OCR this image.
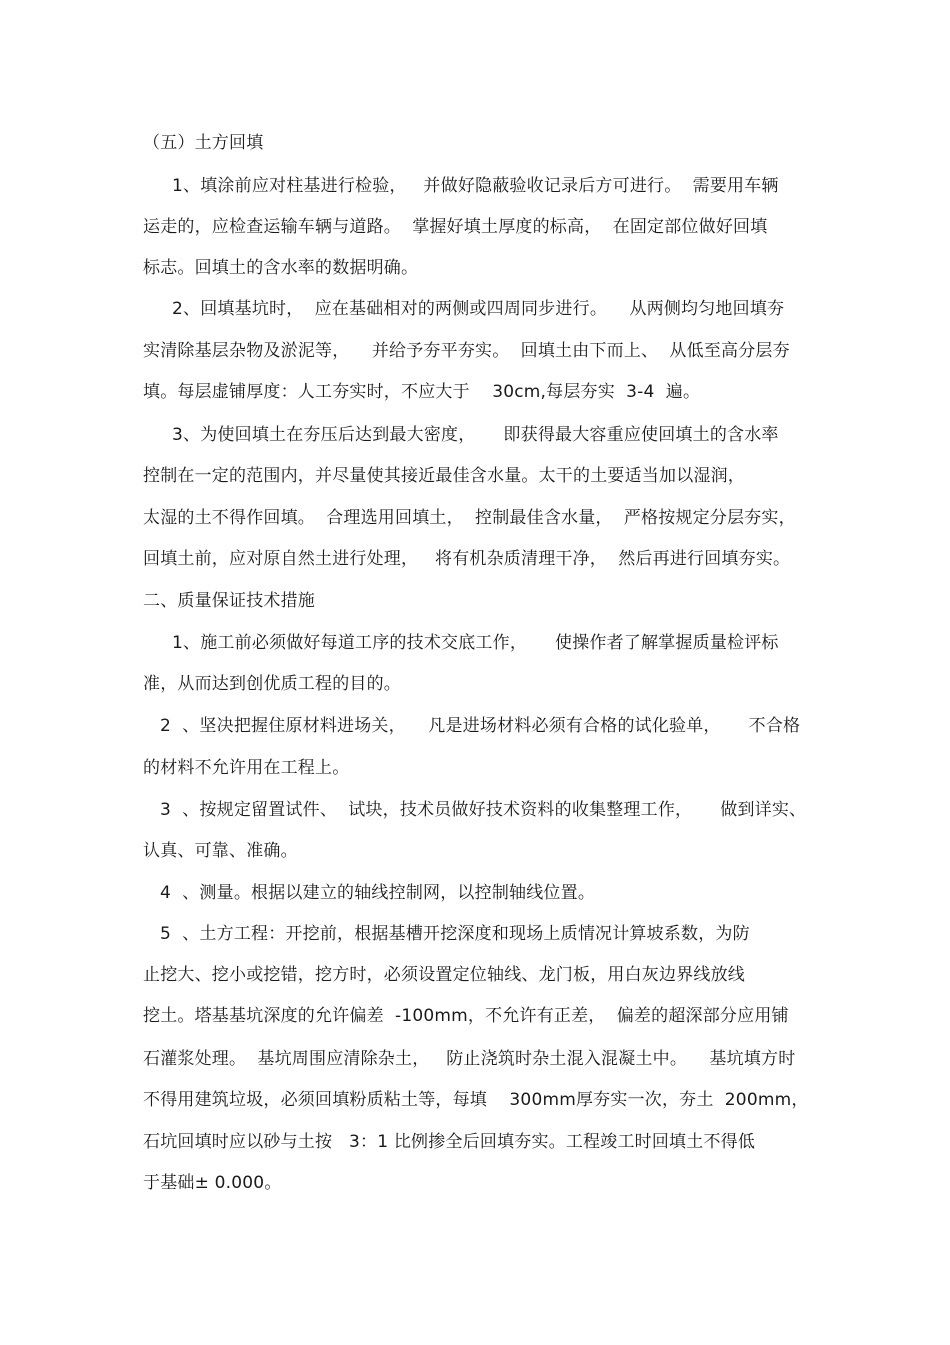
（五）土方回填
1、填涂前应对柱基进行检验，   并做好隐蔽验收记录后方可进行。  需要用车辆
运走的，应检查运输车辆与道路。  掌握好填土厚度的标高，  在固定部位做好回填
标志。回填土的含水率的数据明确。
2、回填基坑时，  应在基础相对的两侧或四周同步进行。    从两侧均匀地回填夯
实清除基层杂物及淤泥等，    并给予夯平夯实。  回填土由下而上、  从低至高分层夯
填。每层虚铺厚度：人工夯实时，不应大于    30cm,每层夯实  3-4  遍。
3、为使回填土在夯压后达到最大密度，     即获得最大容重应使回填土的含水率
控制在一定的范围内，并尽量使其接近最佳含水量。太干的土要适当加以湿润，
太湿的土不得作回填。  合理选用回填土，  控制最佳含水量，  严格按规定分层夯实，
回填土前，应对原自然土进行处理，   将有机杂质清理干净，  然后再进行回填夯实。
二、质量保证技术措施
1、施工前必须做好每道工序的技术交底工作，     使操作者了解掌握质量检评标
准，从而达到创优质工程的目的。
2  、坚决把握住原材料进场关，    凡是进场材料必须有合格的试化验单，     不合格
的材料不允许用在工程上。
3  、按规定留置试件、  试块，技术员做好技术资料的收集整理工作，     做到详实、
认真、可靠、准确。
4  、测量。根据以建立的轴线控制网，以控制轴线位置。
5  、土方工程：开挖前，根据基槽开挖深度和现场上质情况计算坡系数，为防
止挖大、挖小或挖错，挖方时，必须设置定位轴线、龙门板，用白灰边界线放线
挖土。塔基基坑深度的允许偏差  -100mm，不允许有正差，  偏差的超深部分应用铺
石灌浆处理。  基坑周围应清除杂土，   防止浇筑时杂土混入混凝土中。    基坑填方时
不得用建筑垃圾，必须回填粉质粘土等，每填    300mm厚夯实一次，夯土  200mm，
石坑回填时应以砂与土按   3：1 比例掺全后回填夯实。工程竣工时回填土不得低
于基础± 0.000。
